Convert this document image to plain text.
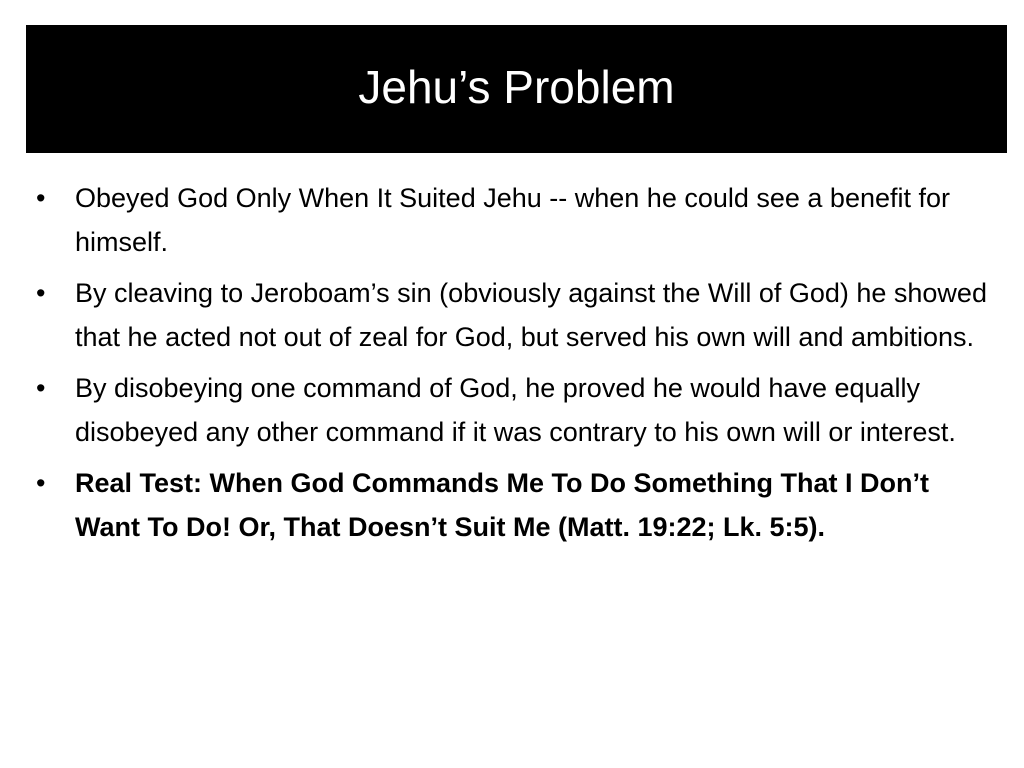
Jehu’s Problem
• Obeyed God Only When It Suited Jehu -- when he could see a benefit for himself.
• By cleaving to Jeroboam’s sin (obviously against the Will of God) he showed that he acted not out of zeal for God, but served his own will and ambitions.
• By disobeying one command of God, he proved he would have equally disobeyed any other command if it was contrary to his own will or interest.
• Real Test: When God Commands Me To Do Something That I Don’t Want To Do! Or, That Doesn’t Suit Me (Matt. 19:22; Lk. 5:5).
